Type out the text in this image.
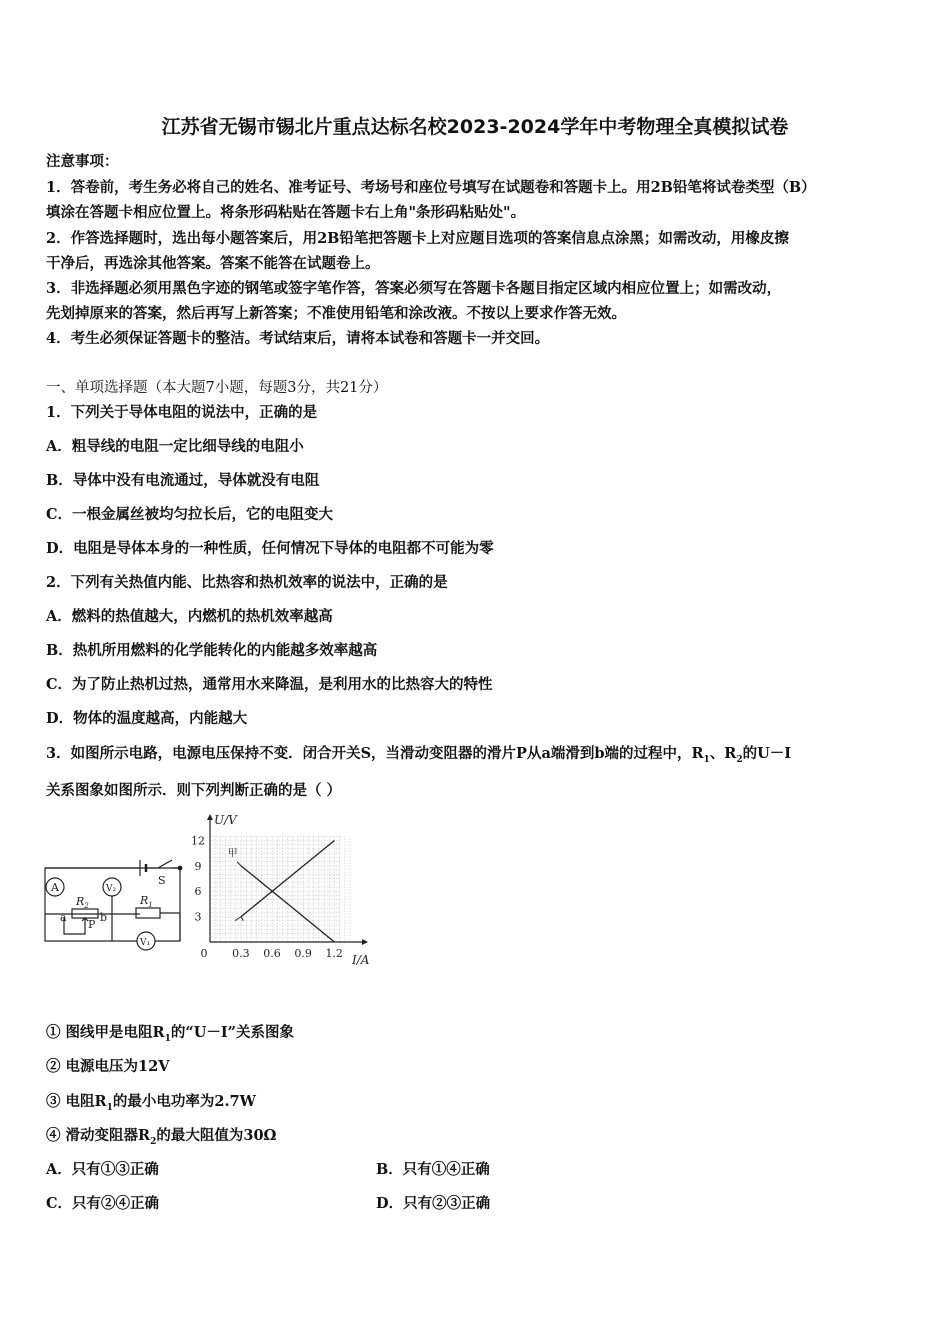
江苏省无锡市锡北片重点达标名校2023-2024学年中考物理全真模拟试卷
注意事项：
1．答卷前，考生务必将自己的姓名、准考证号、考场号和座位号填写在试题卷和答题卡上。用2B铅笔将试卷类型（B）
填涂在答题卡相应位置上。将条形码粘贴在答题卡右上角"条形码粘贴处"。
2．作答选择题时，选出每小题答案后，用2B铅笔把答题卡上对应题目选项的答案信息点涂黑；如需改动，用橡皮擦
干净后，再选涂其他答案。答案不能答在试题卷上。
3．非选择题必须用黑色字迹的钢笔或签字笔作答，答案必须写在答题卡各题目指定区域内相应位置上；如需改动，
先划掉原来的答案，然后再写上新答案；不准使用铅笔和涂改液。不按以上要求作答无效。
4．考生必须保证答题卡的整洁。考试结束后，请将本试卷和答题卡一并交回。
一、单项选择题（本大题7小题，每题3分，共21分）
1．下列关于导体电阻的说法中，正确的是
A．粗导线的电阻一定比细导线的电阻小
B．导体中没有电流通过，导体就没有电阻
C．一根金属丝被均匀拉长后，它的电阻变大
D．电阻是导体本身的一种性质，任何情况下导体的电阻都不可能为零
2．下列有关热值内能、比热容和热机效率的说法中，正确的是
A．燃料的热值越大，内燃机的热机效率越高
B．热机所用燃料的化学能转化的内能越多效率越高
C．为了防止热机过热，通常用水来降温，是利用水的比热容大的特性
D．物体的温度越高，内能越大
3．如图所示电路，电源电压保持不变．闭合开关S，当滑动变阻器的滑片P从a端滑到b端的过程中，$R_1$、$R_2$的U－I
关系图象如图所示．则下列判断正确的是（ ）
A	V₂
V₁
$R_2$	$R_1$
S
a	b
P
0.3 0.6 0.9 1.2
3
6
9
12
0	I/A
U/V
甲
① 图线甲是电阻$R_1$的“U－I”关系图象
② 电源电压为12V
③ 电阻$R_1$的最小电功率为2.7W
④ 滑动变阻器$R_2$的最大阻值为30Ω
A．只有①③正确	B．只有①④正确
C．只有②④正确	D．只有②③正确
